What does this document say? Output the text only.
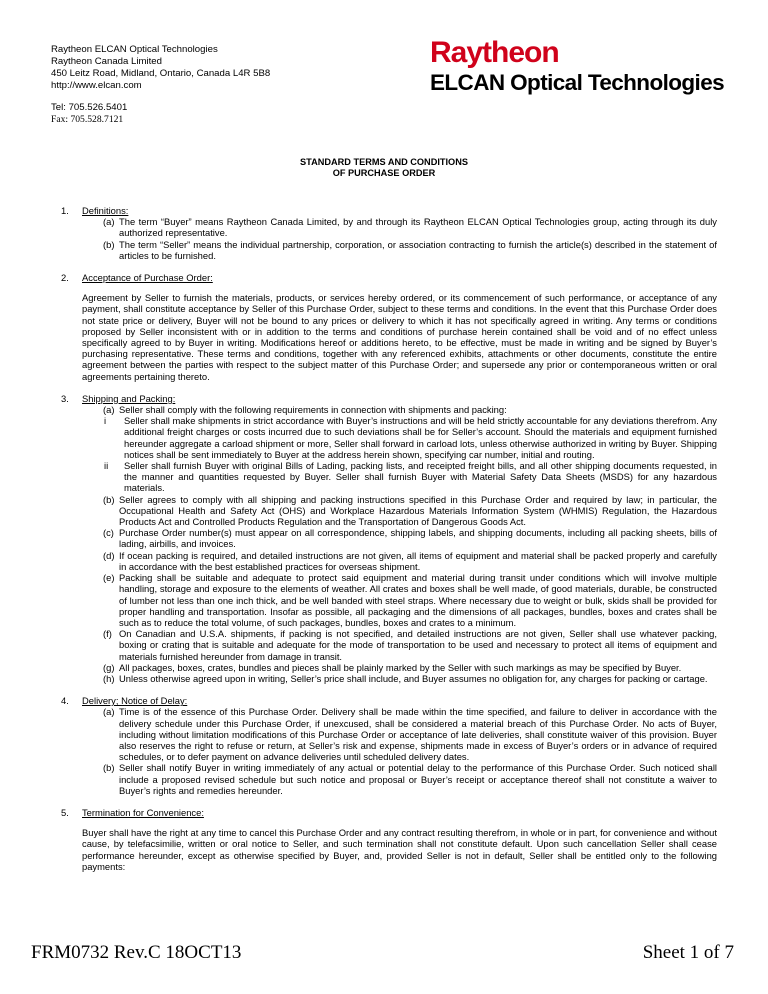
Raytheon ELCAN Optical Technologies
Raytheon Canada Limited
450 Leitz Road, Midland, Ontario, Canada L4R 5B8
http://www.elcan.com
Tel: 705.526.5401
Fax: 705.528.7121
Raytheon
ELCAN Optical Technologies
STANDARD TERMS AND CONDITIONS
OF PURCHASE ORDER
1. Definitions:
(a) The term “Buyer” means Raytheon Canada Limited, by and through its Raytheon ELCAN Optical Technologies group, acting through its duly authorized representative.
(b) The term “Seller” means the individual partnership, corporation, or association contracting to furnish the article(s) described in the statement of articles to be furnished.
2. Acceptance of Purchase Order:
Agreement by Seller to furnish the materials, products, or services hereby ordered, or its commencement of such performance, or acceptance of any payment, shall constitute acceptance by Seller of this Purchase Order, subject to these terms and conditions. In the event that this Purchase Order does not state price or delivery, Buyer will not be bound to any prices or delivery to which it has not specifically agreed in writing. Any terms or conditions proposed by Seller inconsistent with or in addition to the terms and conditions of purchase herein contained shall be void and of no effect unless specifically agreed to by Buyer in writing. Modifications hereof or additions hereto, to be effective, must be made in writing and be signed by Buyer’s purchasing representative. These terms and conditions, together with any referenced exhibits, attachments or other documents, constitute the entire agreement between the parties with respect to the subject matter of this Purchase Order; and supersede any prior or contemporaneous written or oral agreements pertaining thereto.
3. Shipping and Packing:
(a) Seller shall comply with the following requirements in connection with shipments and packing:
i Seller shall make shipments in strict accordance with Buyer’s instructions and will be held strictly accountable for any deviations therefrom. Any additional freight charges or costs incurred due to such deviations shall be for Seller’s account. Should the materials and equipment furnished hereunder aggregate a carload shipment or more, Seller shall forward in carload lots, unless otherwise authorized in writing by Buyer. Shipping notices shall be sent immediately to Buyer at the address herein shown, specifying car number, initial and routing.
ii Seller shall furnish Buyer with original Bills of Lading, packing lists, and receipted freight bills, and all other shipping documents requested, in the manner and quantities requested by Buyer. Seller shall furnish Buyer with Material Safety Data Sheets (MSDS) for any hazardous materials.
(b) Seller agrees to comply with all shipping and packing instructions specified in this Purchase Order and required by law; in particular, the Occupational Health and Safety Act (OHS) and Workplace Hazardous Materials Information System (WHMIS) Regulation, the Hazardous Products Act and Controlled Products Regulation and the Transportation of Dangerous Goods Act.
(c) Purchase Order number(s) must appear on all correspondence, shipping labels, and shipping documents, including all packing sheets, bills of lading, airbills, and invoices.
(d) If ocean packing is required, and detailed instructions are not given, all items of equipment and material shall be packed properly and carefully in accordance with the best established practices for overseas shipment.
(e) Packing shall be suitable and adequate to protect said equipment and material during transit under conditions which will involve multiple handling, storage and exposure to the elements of weather. All crates and boxes shall be well made, of good materials, durable, be constructed of lumber not less than one inch thick, and be well banded with steel straps. Where necessary due to weight or bulk, skids shall be provided for proper handling and transportation. Insofar as possible, all packaging and the dimensions of all packages, bundles, boxes and crates shall be such as to reduce the total volume, of such packages, bundles, boxes and crates to a minimum.
(f) On Canadian and U.S.A. shipments, if packing is not specified, and detailed instructions are not given, Seller shall use whatever packing, boxing or crating that is suitable and adequate for the mode of transportation to be used and necessary to protect all items of equipment and materials furnished hereunder from damage in transit.
(g) All packages, boxes, crates, bundles and pieces shall be plainly marked by the Seller with such markings as may be specified by Buyer.
(h) Unless otherwise agreed upon in writing, Seller’s price shall include, and Buyer assumes no obligation for, any charges for packing or cartage.
4. Delivery; Notice of Delay:
(a) Time is of the essence of this Purchase Order. Delivery shall be made within the time specified, and failure to deliver in accordance with the delivery schedule under this Purchase Order, if unexcused, shall be considered a material breach of this Purchase Order. No acts of Buyer, including without limitation modifications of this Purchase Order or acceptance of late deliveries, shall constitute waiver of this provision. Buyer also reserves the right to refuse or return, at Seller’s risk and expense, shipments made in excess of Buyer’s orders or in advance of required schedules, or to defer payment on advance deliveries until scheduled delivery dates.
(b) Seller shall notify Buyer in writing immediately of any actual or potential delay to the performance of this Purchase Order. Such noticed shall include a proposed revised schedule but such notice and proposal or Buyer’s receipt or acceptance thereof shall not constitute a waiver to Buyer’s rights and remedies hereunder.
5. Termination for Convenience:
Buyer shall have the right at any time to cancel this Purchase Order and any contract resulting therefrom, in whole or in part, for convenience and without cause, by telefacsimilie, written or oral notice to Seller, and such termination shall not constitute default. Upon such cancellation Seller shall cease performance hereunder, except as otherwise specified by Buyer, and, provided Seller is not in default, Seller shall be entitled only to the following payments:
FRM0732 Rev.C 18OCT13	Sheet 1 of 7
